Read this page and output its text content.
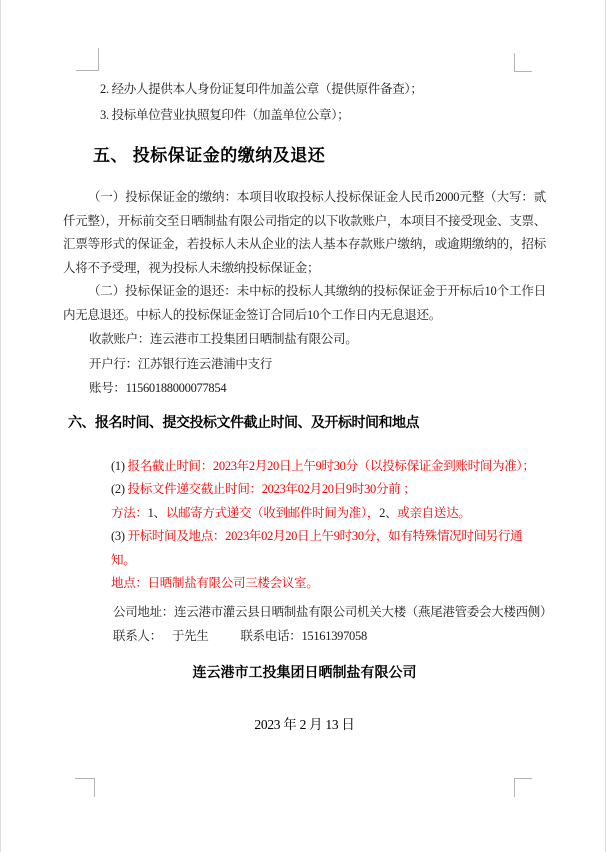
2. 经办人提供本人身份证复印件加盖公章（提供原件备查）；
3. 投标单位营业执照复印件（加盖单位公章）；
五、 投标保证金的缴纳及退还
（一）投标保证金的缴纳：本项目收取投标人投标保证金人民币2000元整（大写：贰仟元整），开标前交至日晒制盐有限公司指定的以下收款账户，本项目不接受现金、支票、汇票等形式的保证金，若投标人未从企业的法人基本存款账户缴纳，或逾期缴纳的，招标人将不予受理，视为投标人未缴纳投标保证金；
（二）投标保证金的退还：未中标的投标人其缴纳的投标保证金于开标后10个工作日内无息退还。中标人的投标保证金签订合同后10个工作日内无息退还。
收款账户：连云港市工投集团日晒制盐有限公司。
开户行：江苏银行连云港浦中支行
账号：11560188000077854
六、报名时间、提交投标文件截止时间、及开标时间和地点
(1) 报名截止时间：2023年2月20日上午9时30分（以投标保证金到账时间为准）；
(2) 投标文件递交截止时间：2023年02月20日9时30分前 ；
方法：1、以邮寄方式递交（收到邮件时间为准），2、或亲自送达。
(3) 开标时间及地点：2023年02月20日上午9时30分，如有特殊情况时间另行通知。
地点：日晒制盐有限公司三楼会议室。
公司地址：连云港市灌云县日晒制盐有限公司机关大楼（燕尾港管委会大楼西侧）
联系人： 于先生	联系电话：15161397058
连云港市工投集团日晒制盐有限公司
2023 年 2 月 13 日
